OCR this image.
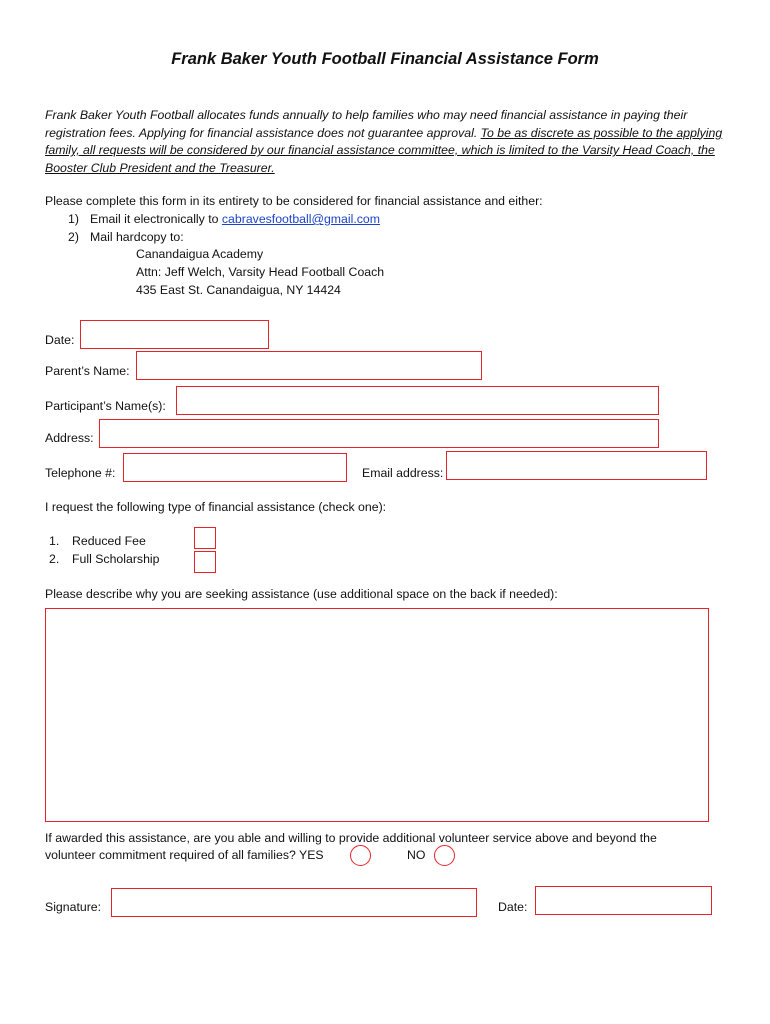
Frank Baker Youth Football Financial Assistance Form
Frank Baker Youth Football allocates funds annually to help families who may need financial assistance in paying their registration fees. Applying for financial assistance does not guarantee approval. To be as discrete as possible to the applying family, all requests will be considered by our financial assistance committee, which is limited to the Varsity Head Coach, the Booster Club President and the Treasurer.
Please complete this form in its entirety to be considered for financial assistance and either:
1) Email it electronically to cabravesfootball@gmail.com
2) Mail hardcopy to:
Canandaigua Academy
Attn: Jeff Welch, Varsity Head Football Coach
435 East St. Canandaigua, NY 14424
Date:
Parent’s Name:
Participant’s Name(s):
Address:
Telephone #:	Email address:
I request the following type of financial assistance (check one):
1. Reduced Fee
2. Full Scholarship
Please describe why you are seeking assistance (use additional space on the back if needed):
If awarded this assistance, are you able and willing to provide additional volunteer service above and beyond the
volunteer commitment required of all families? YES	NO
Signature:	Date:
